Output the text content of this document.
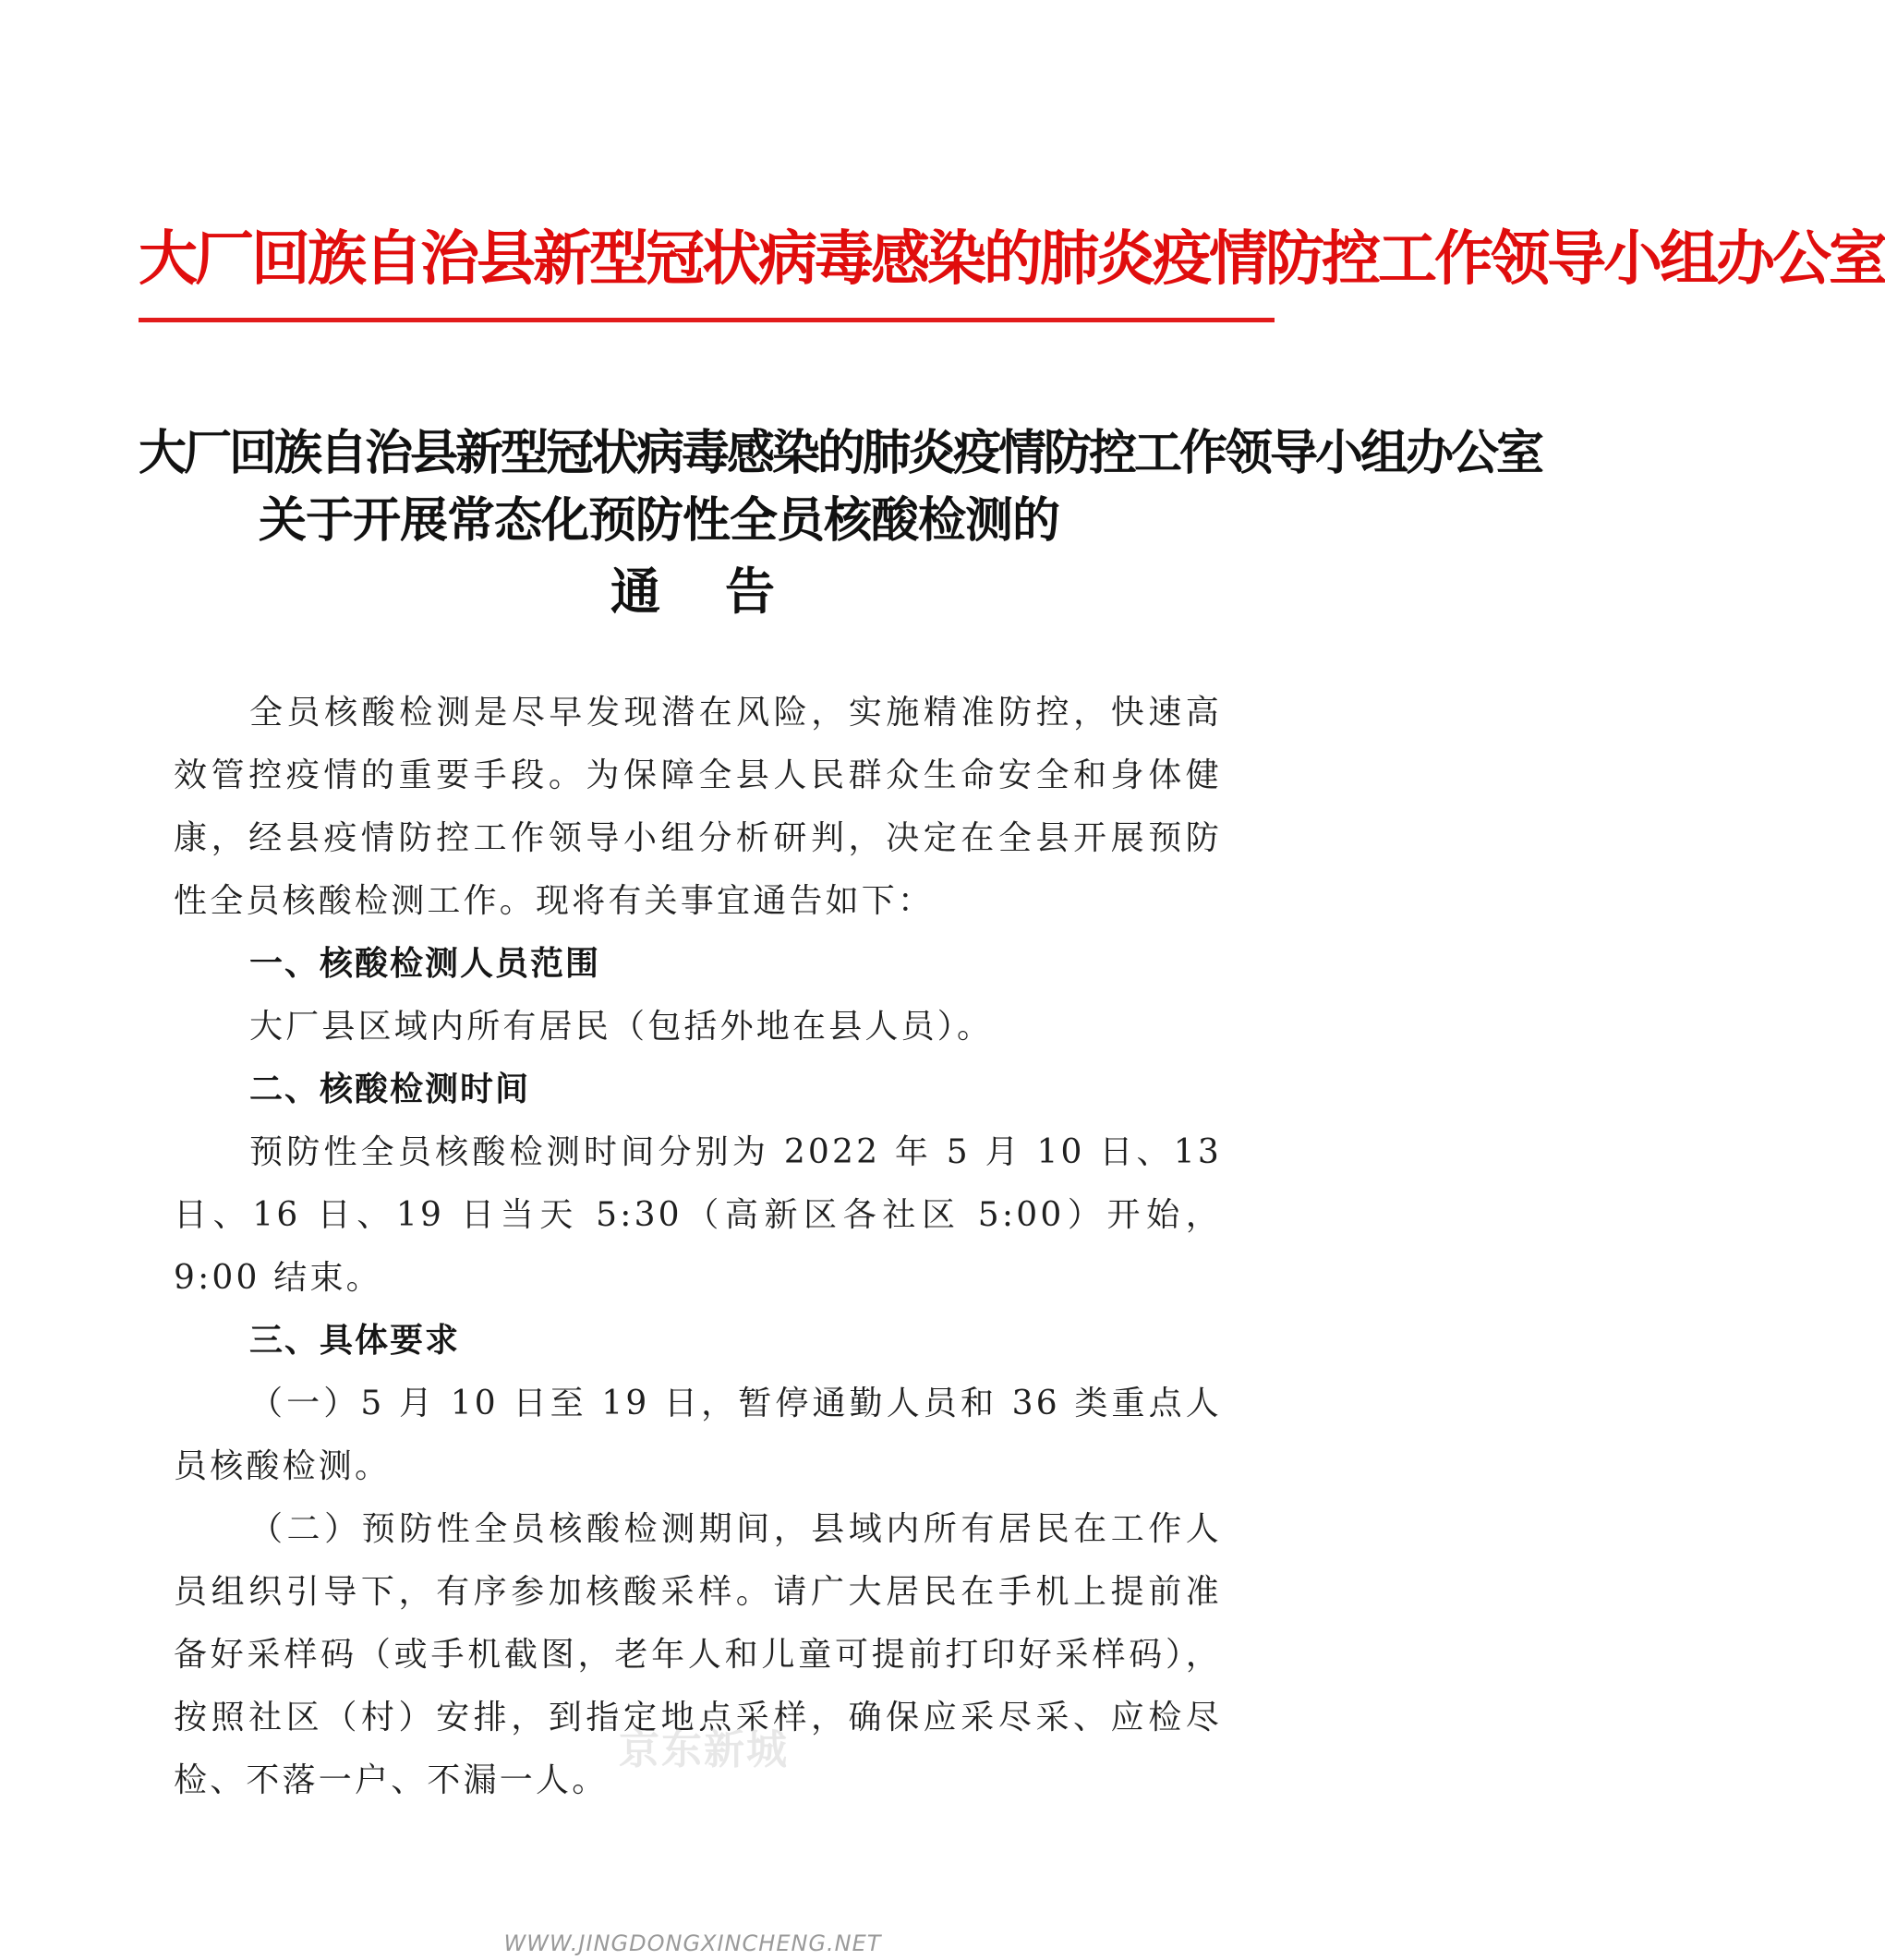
大厂回族自治县新型冠状病毒感染的肺炎疫情防控工作领导小组办公室
大厂回族自治县新型冠状病毒感染的肺炎疫情防控工作领导小组办公室
关于开展常态化预防性全员核酸检测的
通告

全员核酸检测是尽早发现潜在风险，实施精准防控，快速高效管控疫情的重要手段。为保障全县人民群众生命安全和身体健康，经县疫情防控工作领导小组分析研判，决定在全县开展预防性全员核酸检测工作。现将有关事宜通告如下：

一、核酸检测人员范围

大厂县区域内所有居民（包括外地在县人员）。

二、核酸检测时间

预防性全员核酸检测时间分别为 2022 年 5 月 10 日、13 日、16 日、19 日当天 5:30（高新区各社区 5:00）开始，9:00 结束。

三、具体要求

（一）5 月 10 日至 19 日，暂停通勤人员和 36 类重点人员核酸检测。

（二）预防性全员核酸检测期间，县域内所有居民在工作人员组织引导下，有序参加核酸采样。请广大居民在手机上提前准备好采样码（或手机截图，老年人和儿童可提前打印好采样码），按照社区（村）安排，到指定地点采样，确保应采尽采、应检尽检、不落一户、不漏一人。

京东新城
WWW.JINGDONGXINCHENG.NET
